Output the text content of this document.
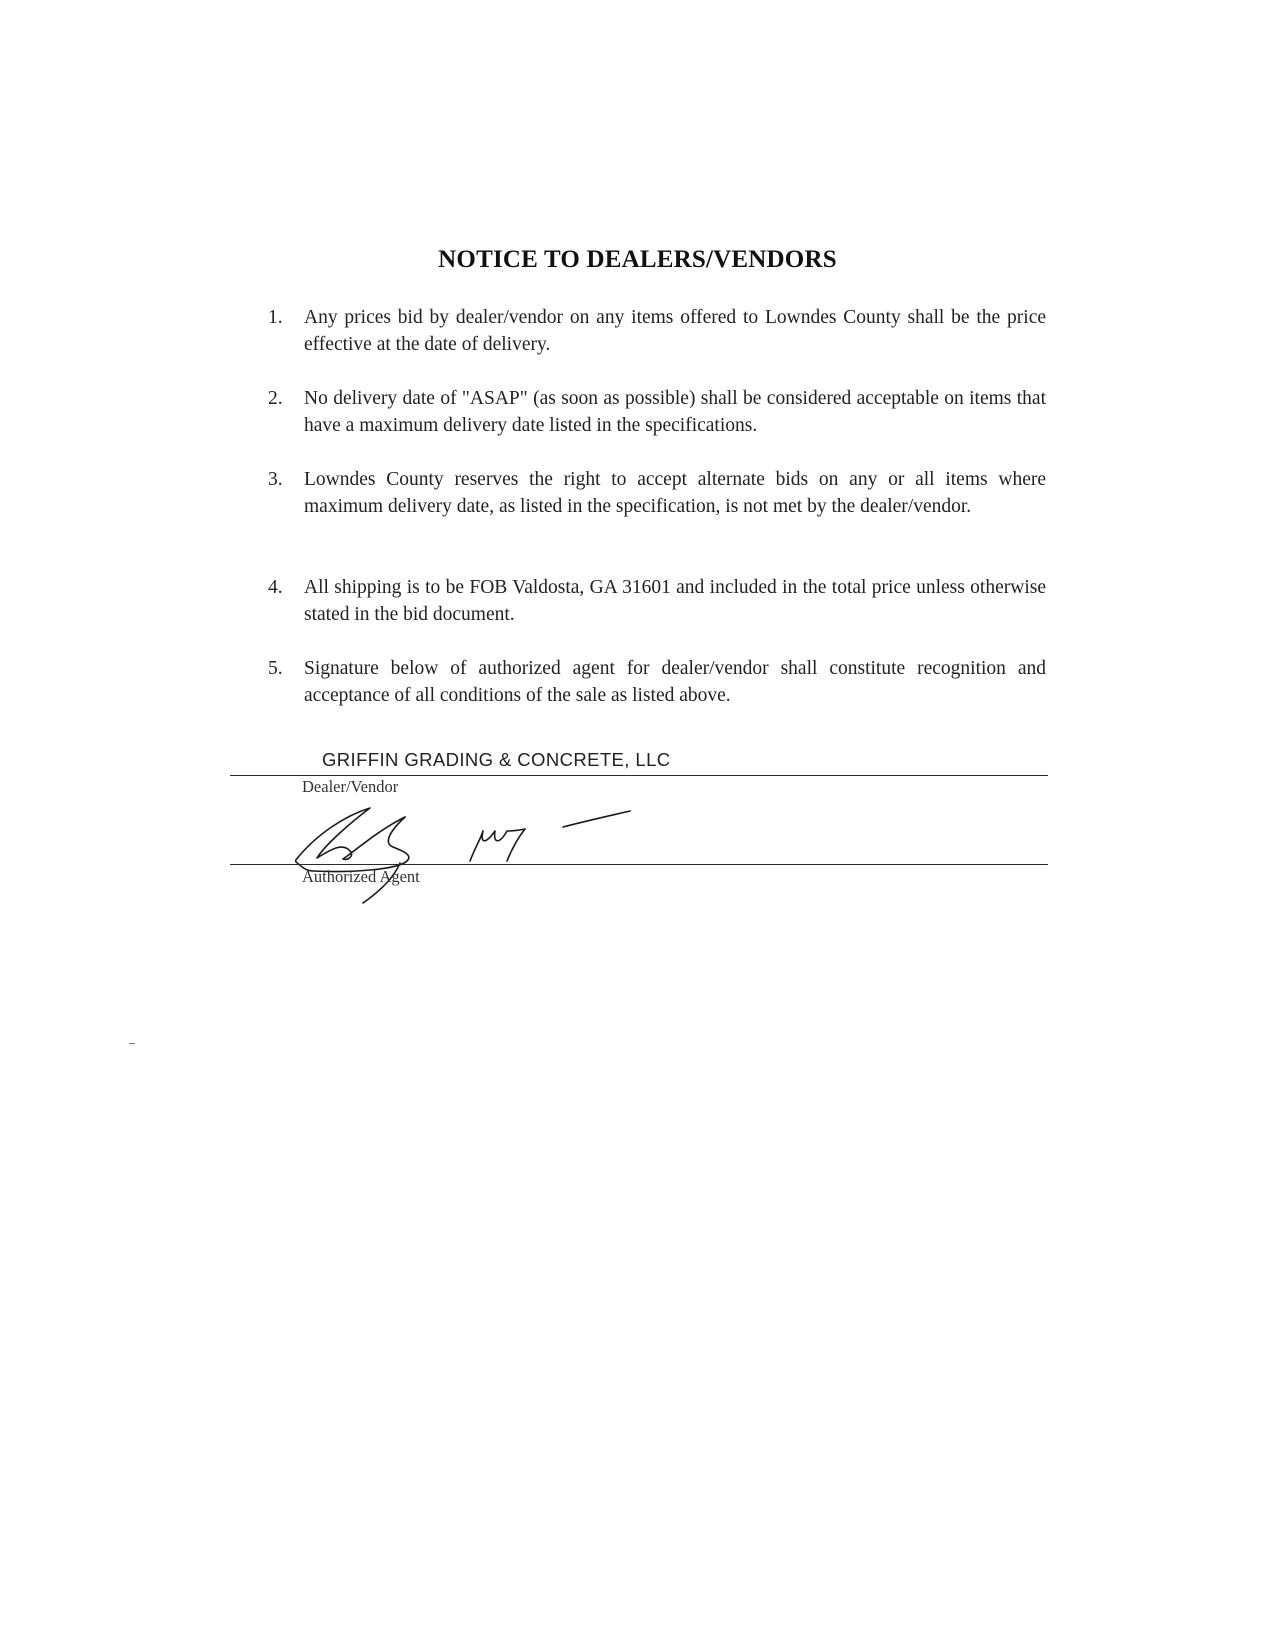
NOTICE TO DEALERS/VENDORS
1.	Any prices bid by dealer/vendor on any items offered to Lowndes County shall be the price effective at the date of delivery.
2.	No delivery date of "ASAP" (as soon as possible) shall be considered acceptable on items that have a maximum delivery date listed in the specifications.
3.	Lowndes County reserves the right to accept alternate bids on any or all items where maximum delivery date, as listed in the specification, is not met by the dealer/vendor.
4.	All shipping is to be FOB Valdosta, GA 31601 and included in the total price unless otherwise stated in the bid document.
5.	Signature below of authorized agent for dealer/vendor shall constitute recognition and acceptance of all conditions of the sale as listed above.
GRIFFIN GRADING & CONCRETE, LLC
Dealer/Vendor
Authorized Agent
